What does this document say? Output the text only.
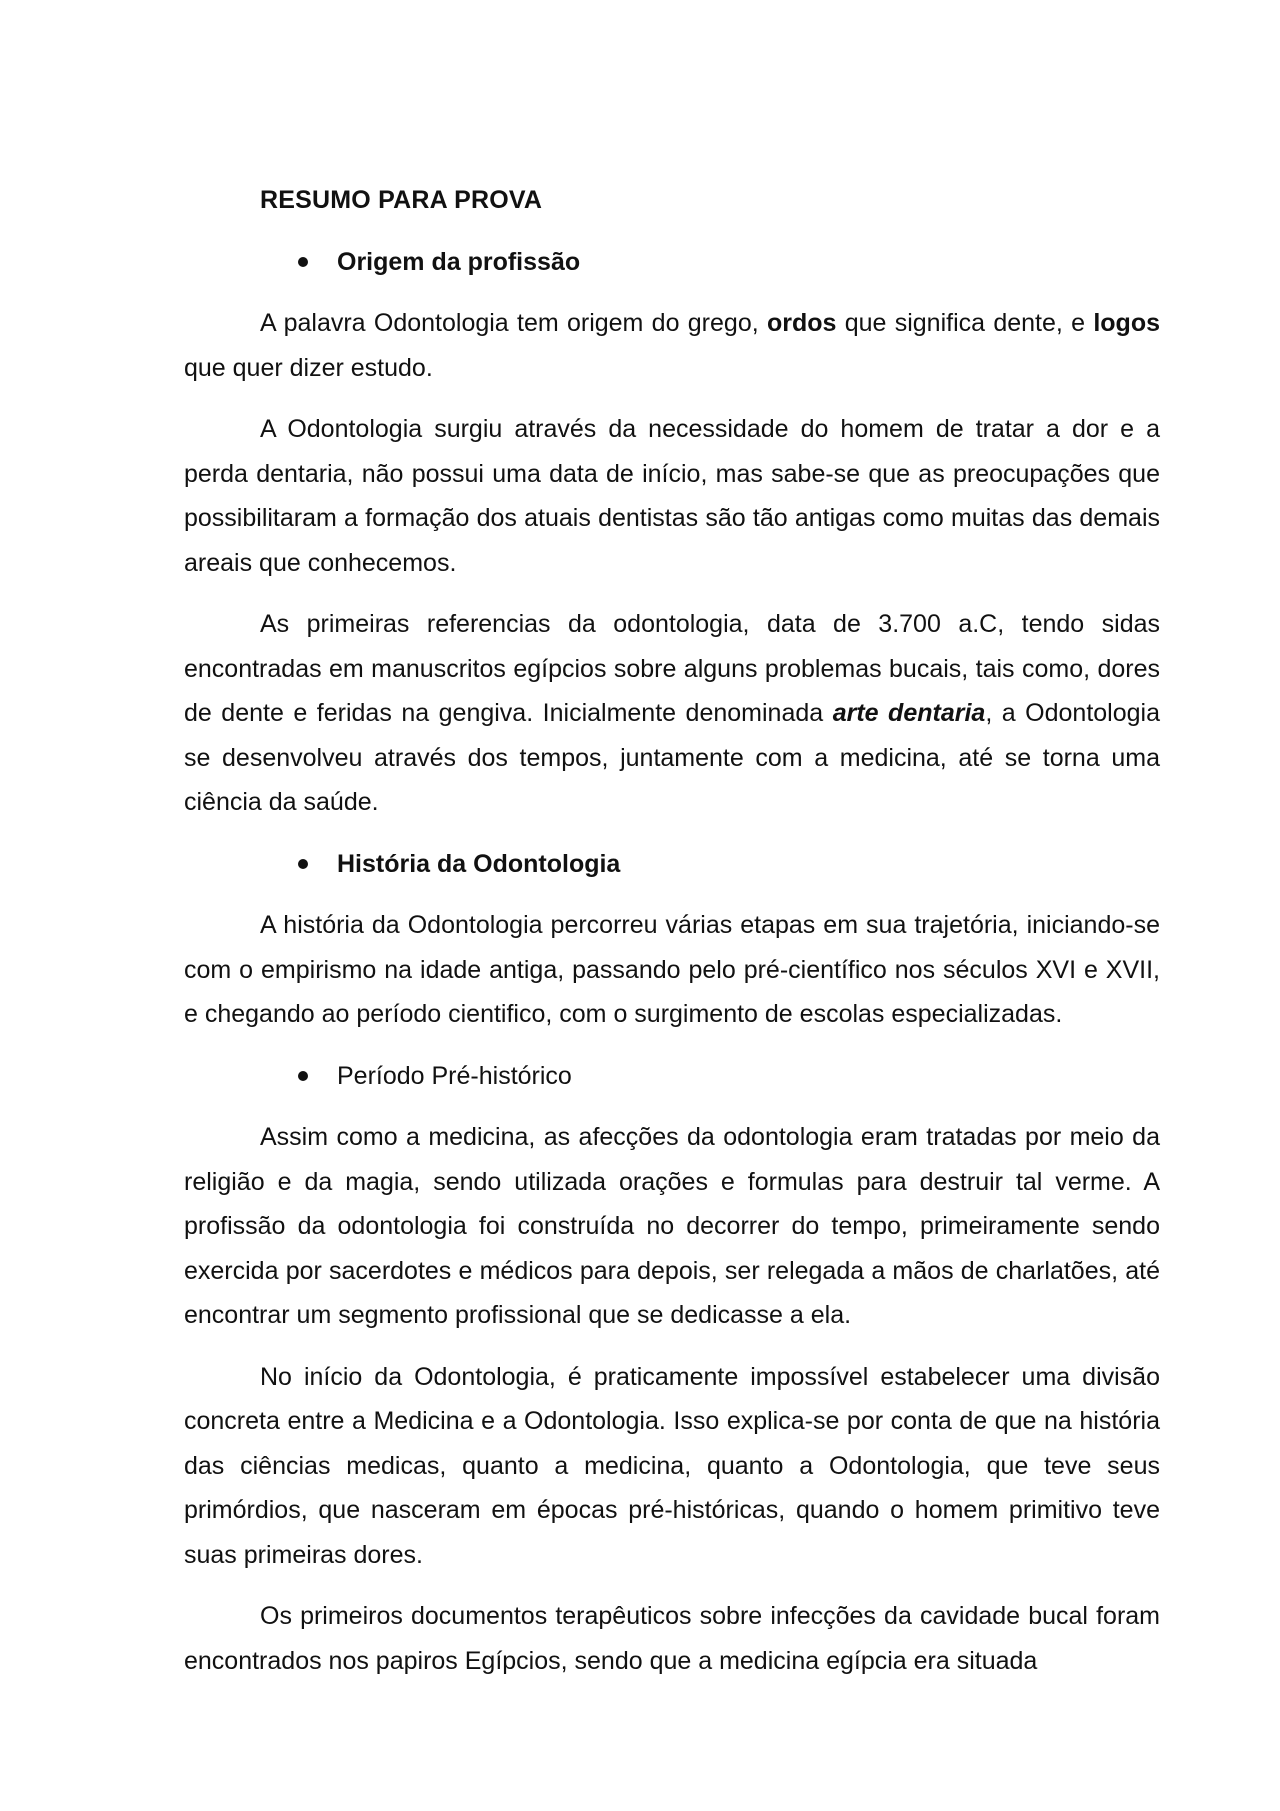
RESUMO PARA PROVA
Origem da profissão

A palavra Odontologia tem origem do grego, ordos que significa dente, e logos que quer dizer estudo.

A Odontologia surgiu através da necessidade do homem de tratar a dor e a perda dentaria, não possui uma data de início, mas sabe-se que as preocupações que possibilitaram a formação dos atuais dentistas são tão antigas como muitas das demais areais que conhecemos.

As primeiras referencias da odontologia, data de 3.700 a.C, tendo sidas encontradas em manuscritos egípcios sobre alguns problemas bucais, tais como, dores de dente e feridas na gengiva. Inicialmente denominada arte dentaria, a Odontologia se desenvolveu através dos tempos, juntamente com a medicina, até se torna uma ciência da saúde.

História da Odontologia

A história da Odontologia percorreu várias etapas em sua trajetória, iniciando-se com o empirismo na idade antiga, passando pelo pré-científico nos séculos XVI e XVII, e chegando ao período cientifico, com o surgimento de escolas especializadas.

Período Pré-histórico

Assim como a medicina, as afecções da odontologia eram tratadas por meio da religião e da magia, sendo utilizada orações e formulas para destruir tal verme. A profissão da odontologia foi construída no decorrer do tempo, primeiramente sendo exercida por sacerdotes e médicos para depois, ser relegada a mãos de charlatões, até encontrar um segmento profissional que se dedicasse a ela.

No início da Odontologia, é praticamente impossível estabelecer uma divisão concreta entre a Medicina e a Odontologia. Isso explica-se por conta de que na história das ciências medicas, quanto a medicina, quanto a Odontologia, que teve seus primórdios, que nasceram em épocas pré-históricas, quando o homem primitivo teve suas primeiras dores.

Os primeiros documentos terapêuticos sobre infecções da cavidade bucal foram encontrados nos papiros Egípcios, sendo que a medicina egípcia era situada
